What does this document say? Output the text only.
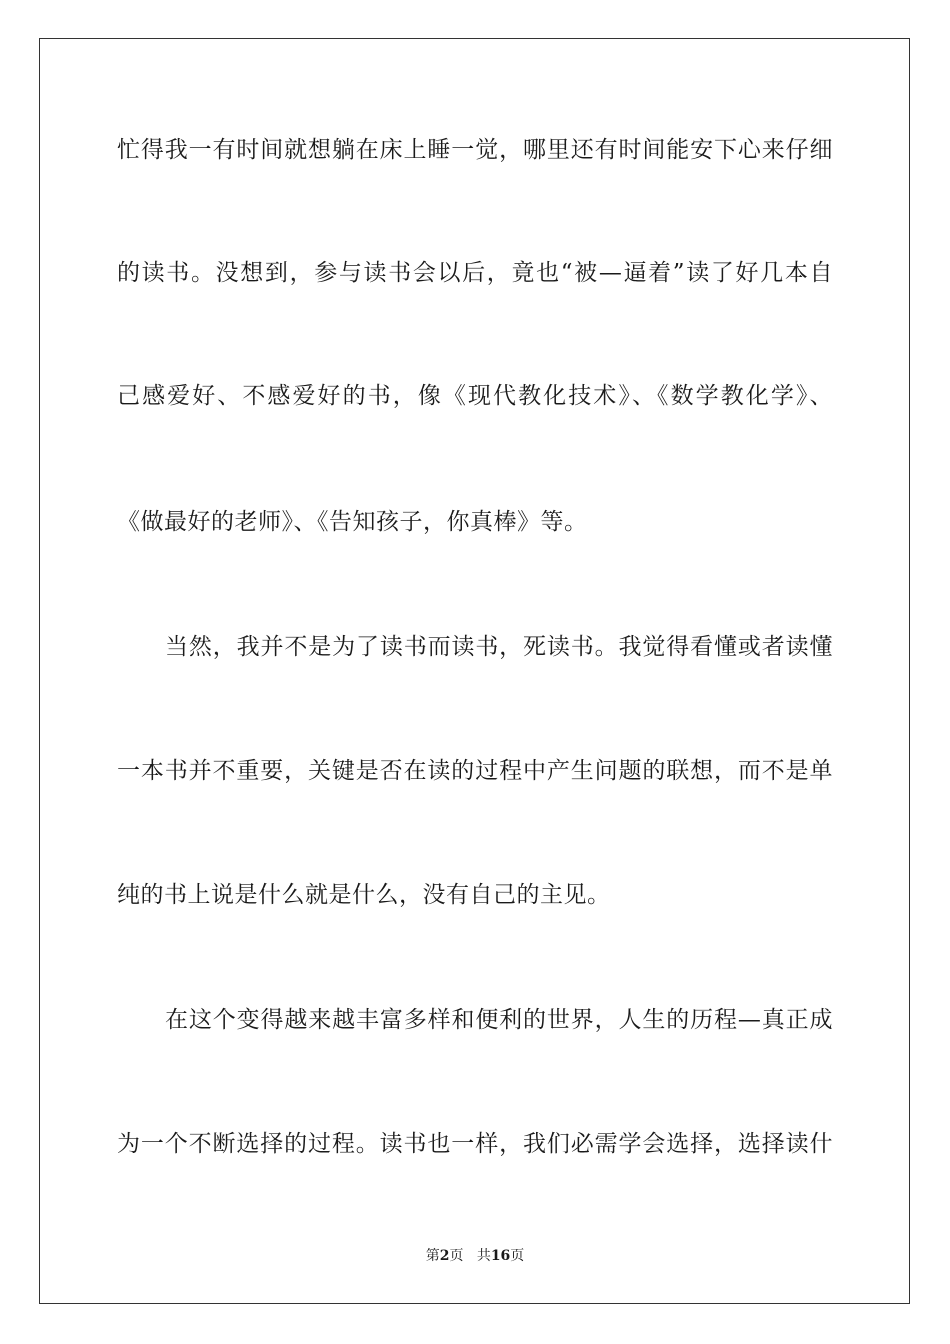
忙得我一有时间就想躺在床上睡一觉，哪里还有时间能安下心来仔细
的读书。没想到，参与读书会以后，竟也“被—逼着”读了好几本自
己感爱好、不感爱好的书，像《现代教化技术》、《数学教化学》、
《做最好的老师》、《告知孩子，你真棒》等。
当然，我并不是为了读书而读书，死读书。我觉得看懂或者读懂
一本书并不重要，关键是否在读的过程中产生问题的联想，而不是单
纯的书上说是什么就是什么，没有自己的主见。
在这个变得越来越丰富多样和便利的世界，人生的历程—真正成
为一个不断选择的过程。读书也一样，我们必需学会选择，选择读什
第2页 共16页
